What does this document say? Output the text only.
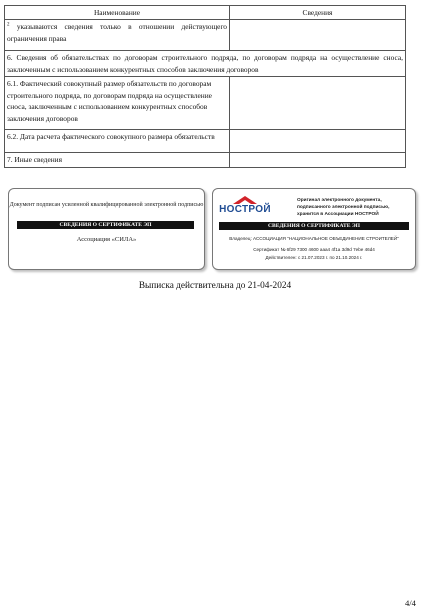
Наименование	Сведения
$^2$ указываются сведения только в отношении действующего ограничения права	
6. Сведения об обязательствах по договорам строительного подряда, по договорам подряда на осуществление сноса, заключенным с использованием конкурентных способов заключения договоров	
6.1. Фактический совокупный размер обязательств по договорам строительного подряда, по договорам подряда на осуществление сноса, заключенным с использованием конкурентных способов заключения договоров	
6.2. Дата расчета фактического совокупного размера обязательств	
7. Иные сведения	
Документ подписан усиленной квалифицированной электронной подписью
СВЕДЕНИЯ О СЕРТИФИКАТЕ ЭП
Ассоциация «СИЛА»
НОСТРОЙ
Оригинал электронного документа, подписанного электронной подписью, хранится в Ассоциации НОСТРОЙ
СВЕДЕНИЯ О СЕРТИФИКАТЕ ЭП
Владелец: АССОЦИАЦИЯ "НАЦИОНАЛЬНОЕ ОБЪЕДИНЕНИЕ СТРОИТЕЛЕЙ"
Сертификат № 6f29 7300 4600 aaa4 4f1a 3d9d 7ebe 46d4
Действителен: с 21.07.2023 г. по 21.10.2024 г.
Выписка действительна до 21-04-2024
4/4
